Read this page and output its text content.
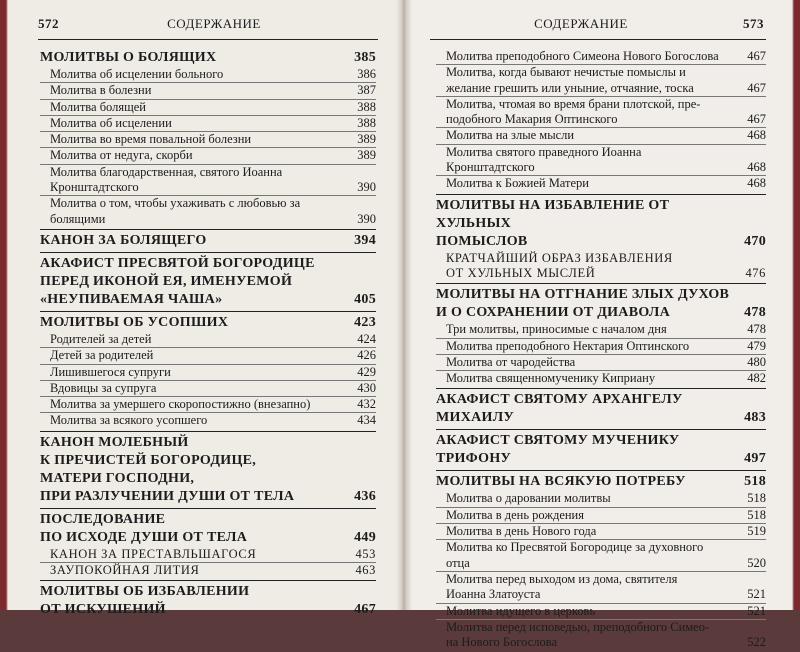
572	СОДЕРЖАНИЕ
МОЛИТВЫ О БОЛЯЩИХ	385
Молитва об исцелении больного	386
Молитва в болезни	387
Молитва болящей	388
Молитва об исцелении	388
Молитва во время повальной болезни	389
Молитва от недуга, скорби	389
Молитва благодарственная, святого Иоанна
Кронштадтского	390
Молитва о том, чтобы ухаживать с любовью за
болящими	390
КАНОН ЗА БОЛЯЩЕГО	394
АКАФИСТ ПРЕСВЯТОЙ БОГОРОДИЦЕ
ПЕРЕД ИКОНОЙ ЕЯ, ИМЕНУЕМОЙ
«НЕУПИВАЕМАЯ ЧАША»	405
МОЛИТВЫ ОБ УСОПШИХ	423
Родителей за детей	424
Детей за родителей	426
Лишившегося супруги	429
Вдовицы за супруга	430
Молитва за умершего скоропостижно (внезапно)	432
Молитва за всякого усопшего	434
КАНОН МОЛЕБНЫЙ
К ПРЕЧИСТЕЙ БОГОРОДИЦЕ,
МАТЕРИ ГОСПОДНИ,
ПРИ РАЗЛУЧЕНИИ ДУШИ ОТ ТЕЛА	436
ПОСЛЕДОВАНИЕ
ПО ИСХОДЕ ДУШИ ОТ ТЕЛА	449
КАНОН ЗА ПРЕСТАВЛЬШАГОСЯ	453
ЗАУПОКОЙНАЯ ЛИТИЯ	463
МОЛИТВЫ ОБ ИЗБАВЛЕНИИ
ОТ ИСКУШЕНИЙ	467
СОДЕРЖАНИЕ	573
Молитва преподобного Симеона Нового Богослова	467
Молитва, когда бывают нечистые помыслы и
желание грешить или уныние, отчаяние, тоска	467
Молитва, чтомая во время брани плотской, пре-
подобного Макария Оптинского	467
Молитва на злые мысли	468
Молитва святого праведного Иоанна
Кронштадтского	468
Молитва к Божией Матери	468
МОЛИТВЫ НА ИЗБАВЛЕНИЕ ОТ ХУЛЬНЫХ
ПОМЫСЛОВ	470
КРАТЧАЙШИЙ ОБРАЗ ИЗБАВЛЕНИЯ
ОТ ХУЛЬНЫХ МЫСЛЕЙ	476
МОЛИТВЫ НА ОТГНАНИЕ ЗЛЫХ ДУХОВ
И О СОХРАНЕНИИ ОТ ДИАВОЛА	478
Три молитвы, приносимые с началом дня	478
Молитва преподобного Нектария Оптинского	479
Молитва от чародейства	480
Молитва священномученику Киприану	482
АКАФИСТ СВЯТОМУ АРХАНГЕЛУ МИХАИЛУ	483
АКАФИСТ СВЯТОМУ МУЧЕНИКУ ТРИФОНУ	497
МОЛИТВЫ НА ВСЯКУЮ ПОТРЕБУ	518
Молитва о даровании молитвы	518
Молитва в день рождения	518
Молитва в день Нового года	519
Молитва ко Пресвятой Богородице за духовного
отца	520
Молитва перед выходом из дома, святителя
Иоанна Златоуста	521
Молитва идущего в церковь	521
Молитва перед исповедью, преподобного Симео-
на Нового Богослова	522
